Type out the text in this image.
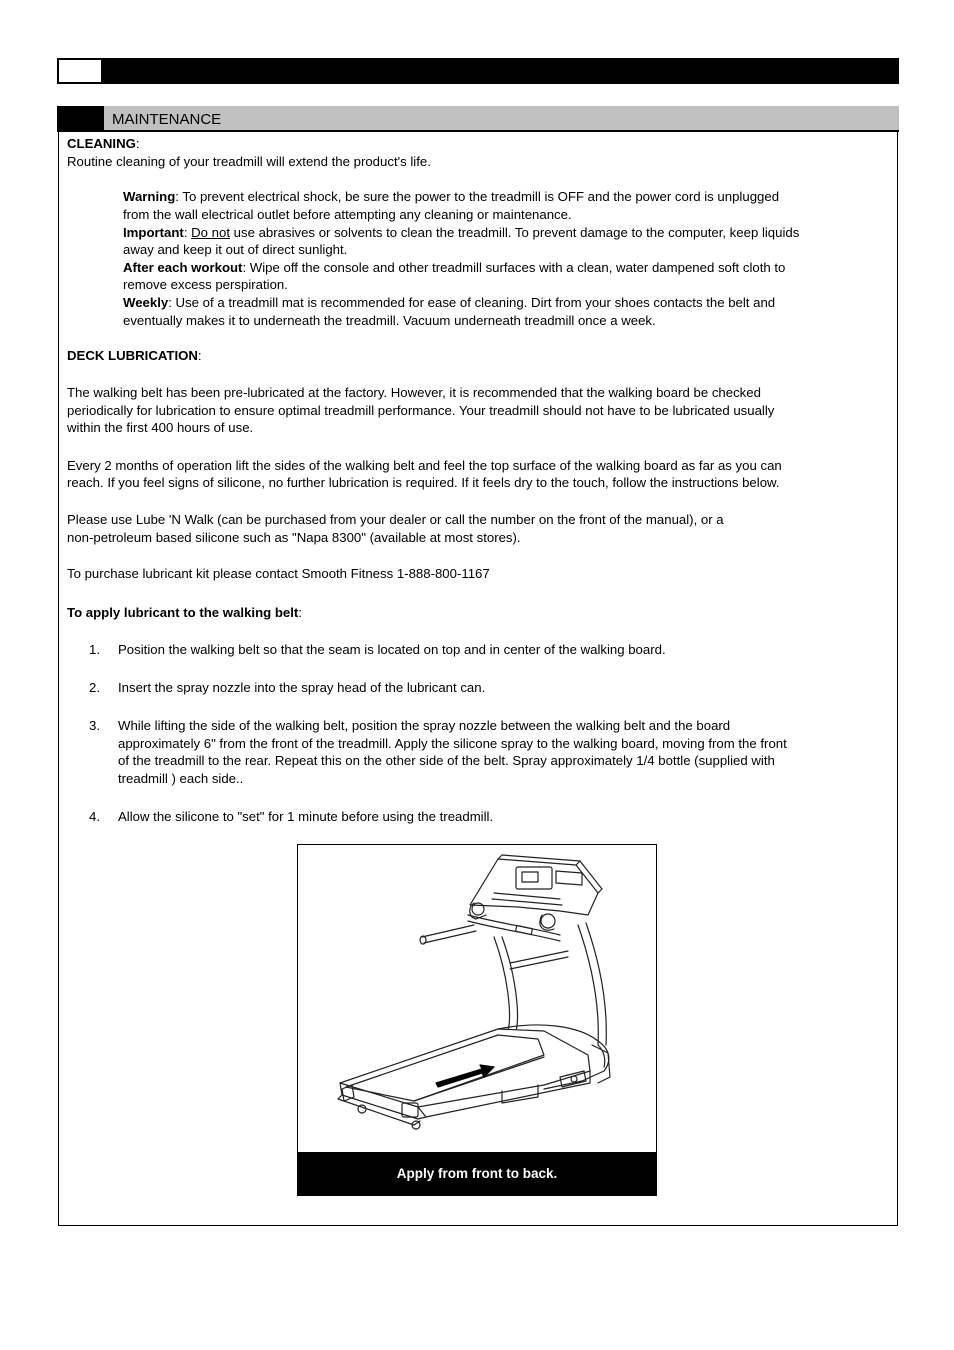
MAINTENANCE
CLEANING:
Routine cleaning of your treadmill will extend the product's life.
Warning: To prevent electrical shock, be sure the power to the treadmill is OFF and the power cord is unplugged
from the wall electrical outlet before attempting any cleaning or maintenance.
Important: Do not use abrasives or solvents to clean the treadmill. To prevent damage to the computer, keep liquids
away and keep it out of direct sunlight.
After each workout: Wipe off the console and other treadmill surfaces with a clean, water dampened soft cloth to
remove excess perspiration.
Weekly: Use of a treadmill mat is recommended for ease of cleaning. Dirt from your shoes contacts the belt and
eventually makes it to underneath the treadmill. Vacuum underneath treadmill once a week.
DECK LUBRICATION:
The walking belt has been pre-lubricated at the factory. However, it is recommended that the walking board be checked
periodically for lubrication to ensure optimal treadmill performance. Your treadmill should not have to be lubricated usually
within the first 400 hours of use.
Every 2 months of operation lift the sides of the walking belt and feel the top surface of the walking board as far as you can
reach. If you feel signs of silicone, no further lubrication is required. If it feels dry to the touch, follow the instructions below.
Please use Lube 'N Walk (can be purchased from your dealer or call the number on the front of the manual), or a
non-petroleum based silicone such as "Napa 8300" (available at most stores).
To purchase lubricant kit please contact Smooth Fitness 1-888-800-1167
To apply lubricant to the walking belt:
1. Position the walking belt so that the seam is located on top and in center of the walking board.
2. Insert the spray nozzle into the spray head of the lubricant can.
3. While lifting the side of the walking belt, position the spray nozzle between the walking belt and the board
approximately 6" from the front of the treadmill. Apply the silicone spray to the walking board, moving from the front
of the treadmill to the rear. Repeat this on the other side of the belt. Spray approximately 1/4 bottle (supplied with
treadmill ) each side..
4. Allow the silicone to "set" for 1 minute before using the treadmill.
Apply from front to back.
